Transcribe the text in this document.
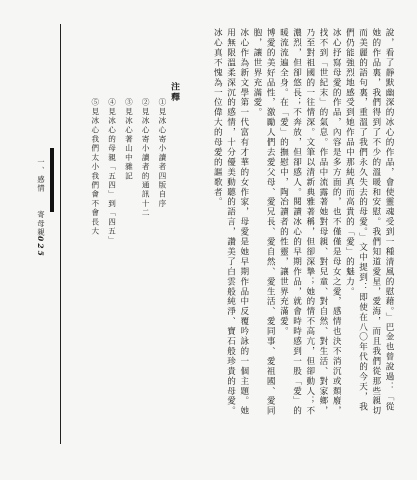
說，看了靜默幽深的冰心的作品，會使靈魂受到一種清風的慰藉。」巴金也曾說過：「從她的作品裏，我們得到了不少的溫暖和安慰。我們知道愛星，愛海，而且我們從那些親切而美麗的語句裏，重溫了我們永久失去的母愛。」文中提到：即使在八〇年代的今天，我們仍能強烈地感受到她作品中那純真而高貴的「愛」的魅力。

冰心抒寫母愛的作品，內容是多方面的，也不僅僅是母女之愛，感情也決不消沉或頹廢，找不到「世紀末」的氣息。作品中流露著她對母親、對兒童、對自然、對生活、對家鄉，乃至對祖國的一往情深。文筆以清新典雅著稱，但卻深摯；她的情不高亢，但卻動人；不濃烈，但卻悠長；不奔放，但卻感人。閱讀冰心的早期作品，就會時時感到一股「愛」的暖流流遍全身。在「愛」的撫慰中，陶冶讀者的性靈，讓世界充滿愛。

博愛的美好品性，激勵人們去愛父母、愛兄長、愛自然、愛生活、愛同事、愛祖國、愛同胞，讓世界充滿愛。

冰心作為新文學第一代富有才華的女作家，母愛是她早期作品中反覆吟詠的一個主題。她用無限溫柔深沉的感情，十分優美動聽的語言，讚美了白雲般純淨、寶石般珍貴的母愛。冰心真不愧為一位偉大的母愛的謳歌者。

注釋
①見冰心寄小讀者四版自序
②見冰心寄小讀者的通訊十二
③見冰心著山中雜記
④見冰心的母親「五四」到「四五」
⑤見冰心我們太小我們會不會長大
一、感情　　寄母親
025
